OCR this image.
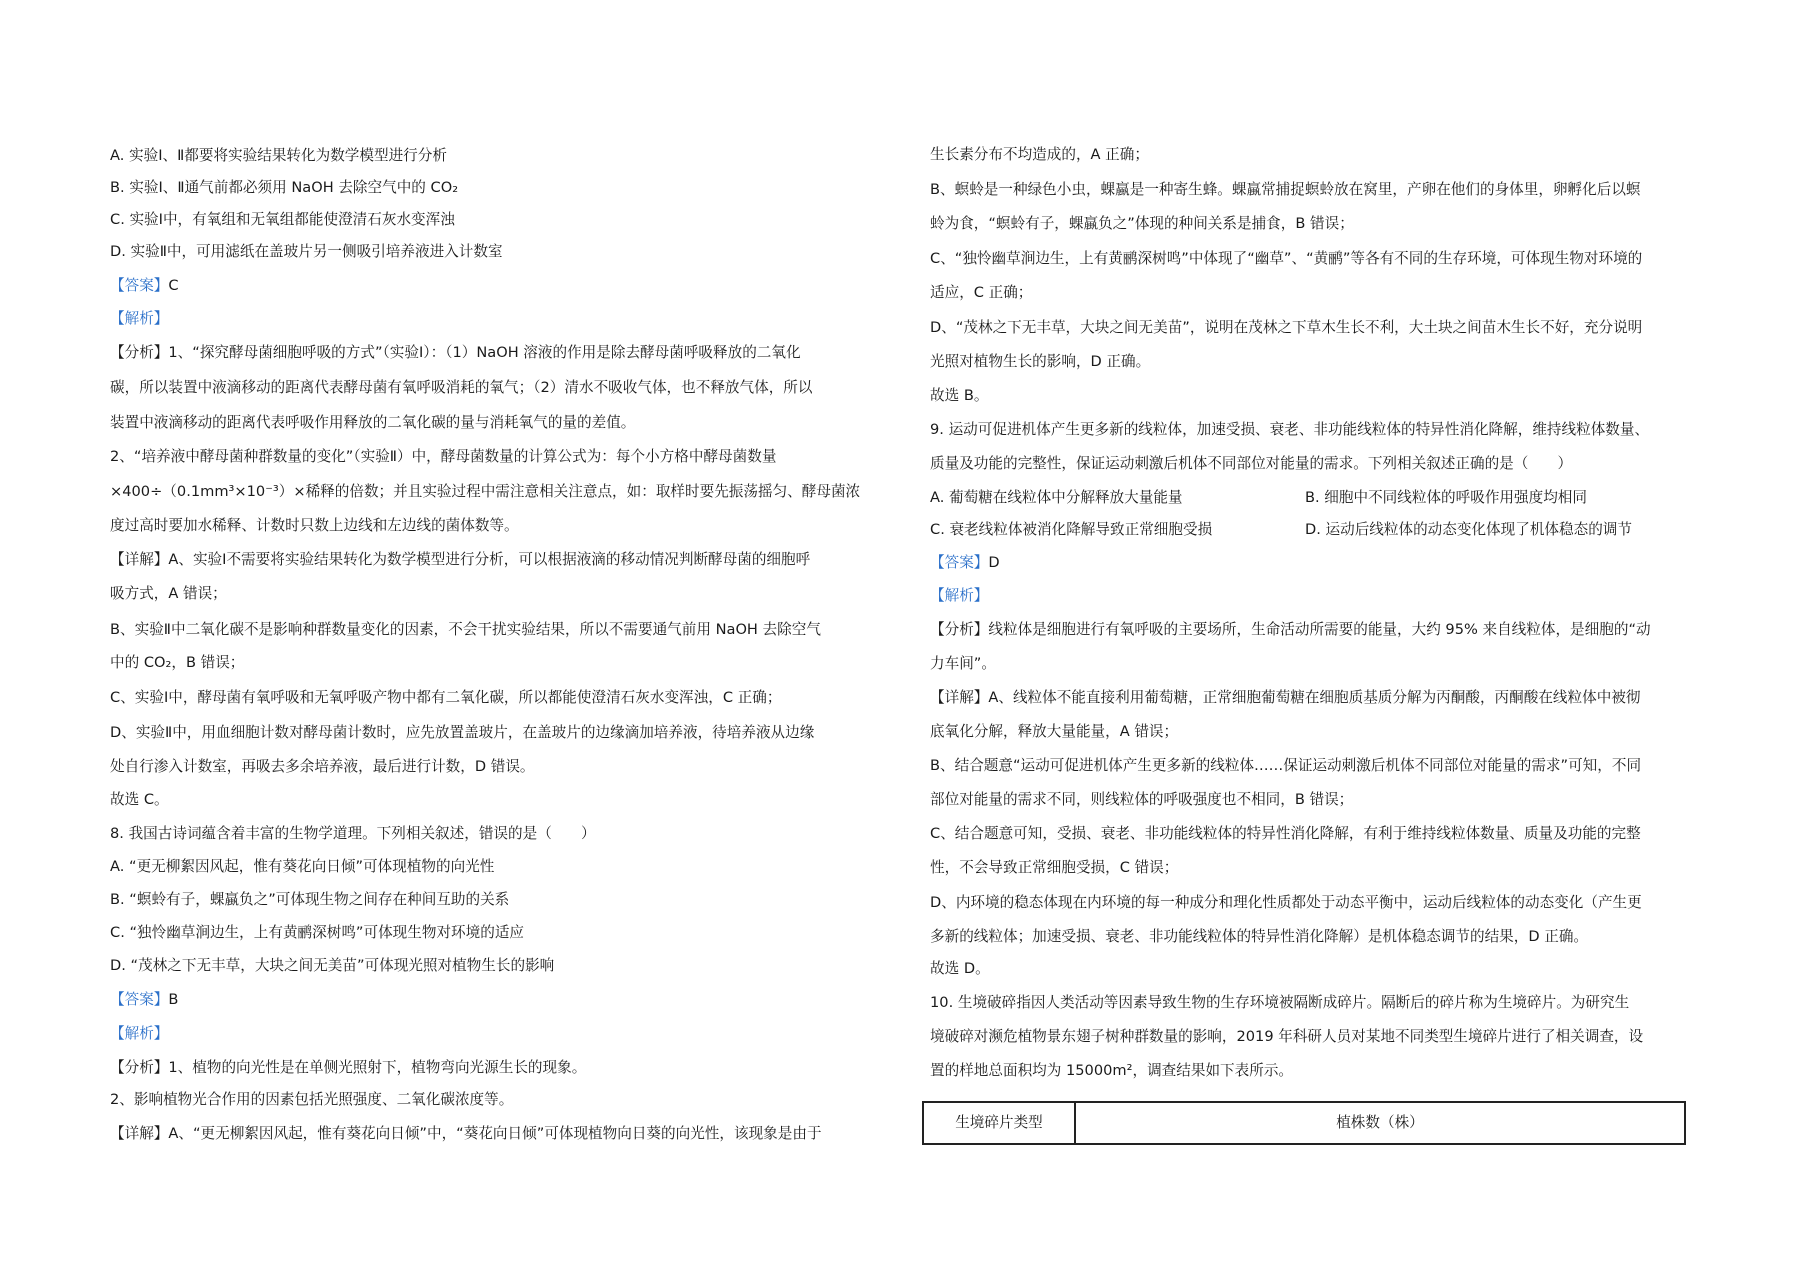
A. 实验Ⅰ、Ⅱ都要将实验结果转化为数学模型进行分析
B. 实验Ⅰ、Ⅱ通气前都必须用 NaOH 去除空气中的 CO₂
C. 实验Ⅰ中，有氧组和无氧组都能使澄清石灰水变浑浊
D. 实验Ⅱ中，可用滤纸在盖玻片另一侧吸引培养液进入计数室
【答案】C
【解析】
【分析】1、“探究酵母菌细胞呼吸的方式”（实验Ⅰ）：（1）NaOH 溶液的作用是除去酵母菌呼吸释放的二氧化
碳，所以装置中液滴移动的距离代表酵母菌有氧呼吸消耗的氧气；（2）清水不吸收气体，也不释放气体，所以
装置中液滴移动的距离代表呼吸作用释放的二氧化碳的量与消耗氧气的量的差值。
2、“培养液中酵母菌种群数量的变化”（实验Ⅱ）中，酵母菌数量的计算公式为：每个小方格中酵母菌数量
×400÷（0.1mm³×10⁻³）×稀释的倍数；并且实验过程中需注意相关注意点，如：取样时要先振荡摇匀、酵母菌浓
度过高时要加水稀释、计数时只数上边线和左边线的菌体数等。
【详解】A、实验Ⅰ不需要将实验结果转化为数学模型进行分析，可以根据液滴的移动情况判断酵母菌的细胞呼
吸方式，A 错误；
B、实验Ⅱ中二氧化碳不是影响种群数量变化的因素，不会干扰实验结果，所以不需要通气前用 NaOH 去除空气
中的 CO₂，B 错误；
C、实验Ⅰ中，酵母菌有氧呼吸和无氧呼吸产物中都有二氧化碳，所以都能使澄清石灰水变浑浊，C 正确；
D、实验Ⅱ中，用血细胞计数对酵母菌计数时，应先放置盖玻片，在盖玻片的边缘滴加培养液，待培养液从边缘
处自行渗入计数室，再吸去多余培养液，最后进行计数，D 错误。
故选 C。
8. 我国古诗词蕴含着丰富的生物学道理。下列相关叙述，错误的是（　　）
A. “更无柳絮因风起，惟有葵花向日倾”可体现植物的向光性
B. “螟蛉有子，蜾蠃负之”可体现生物之间存在种间互助的关系
C. “独怜幽草涧边生，上有黄鹂深树鸣”可体现生物对环境的适应
D. “茂林之下无丰草，大块之间无美苗”可体现光照对植物生长的影响
【答案】B
【解析】
【分析】1、植物的向光性是在单侧光照射下，植物弯向光源生长的现象。
2、影响植物光合作用的因素包括光照强度、二氧化碳浓度等。
【详解】A、“更无柳絮因风起，惟有葵花向日倾”中，“葵花向日倾”可体现植物向日葵的向光性，该现象是由于
生长素分布不均造成的，A 正确；
B、螟蛉是一种绿色小虫，蜾蠃是一种寄生蜂。蜾蠃常捕捉螟蛉放在窝里，产卵在他们的身体里，卵孵化后以螟
蛉为食，“螟蛉有子，蜾蠃负之”体现的种间关系是捕食，B 错误；
C、“独怜幽草涧边生，上有黄鹂深树鸣”中体现了“幽草”、“黄鹂”等各有不同的生存环境，可体现生物对环境的
适应，C 正确；
D、“茂林之下无丰草，大块之间无美苗”，说明在茂林之下草木生长不利，大土块之间苗木生长不好，充分说明
光照对植物生长的影响，D 正确。
故选 B。
9. 运动可促进机体产生更多新的线粒体，加速受损、衰老、非功能线粒体的特异性消化降解，维持线粒体数量、
质量及功能的完整性，保证运动刺激后机体不同部位对能量的需求。下列相关叙述正确的是（　　）
A. 葡萄糖在线粒体中分解释放大量能量	B. 细胞中不同线粒体的呼吸作用强度均相同
C. 衰老线粒体被消化降解导致正常细胞受损	D. 运动后线粒体的动态变化体现了机体稳态的调节
【答案】D
【解析】
【分析】线粒体是细胞进行有氧呼吸的主要场所，生命活动所需要的能量，大约 95% 来自线粒体，是细胞的“动
力车间”。
【详解】A、线粒体不能直接利用葡萄糖，正常细胞葡萄糖在细胞质基质分解为丙酮酸，丙酮酸在线粒体中被彻
底氧化分解，释放大量能量，A 错误；
B、结合题意“运动可促进机体产生更多新的线粒体……保证运动刺激后机体不同部位对能量的需求”可知，不同
部位对能量的需求不同，则线粒体的呼吸强度也不相同，B 错误；
C、结合题意可知，受损、衰老、非功能线粒体的特异性消化降解，有利于维持线粒体数量、质量及功能的完整
性，不会导致正常细胞受损，C 错误；
D、内环境的稳态体现在内环境的每一种成分和理化性质都处于动态平衡中，运动后线粒体的动态变化（产生更
多新的线粒体；加速受损、衰老、非功能线粒体的特异性消化降解）是机体稳态调节的结果，D 正确。
故选 D。
10. 生境破碎指因人类活动等因素导致生物的生存环境被隔断成碎片。隔断后的碎片称为生境碎片。为研究生
境破碎对濒危植物景东翅子树种群数量的影响，2019 年科研人员对某地不同类型生境碎片进行了相关调查，设
置的样地总面积均为 15000m²，调查结果如下表所示。
生境碎片类型	植株数（株）
